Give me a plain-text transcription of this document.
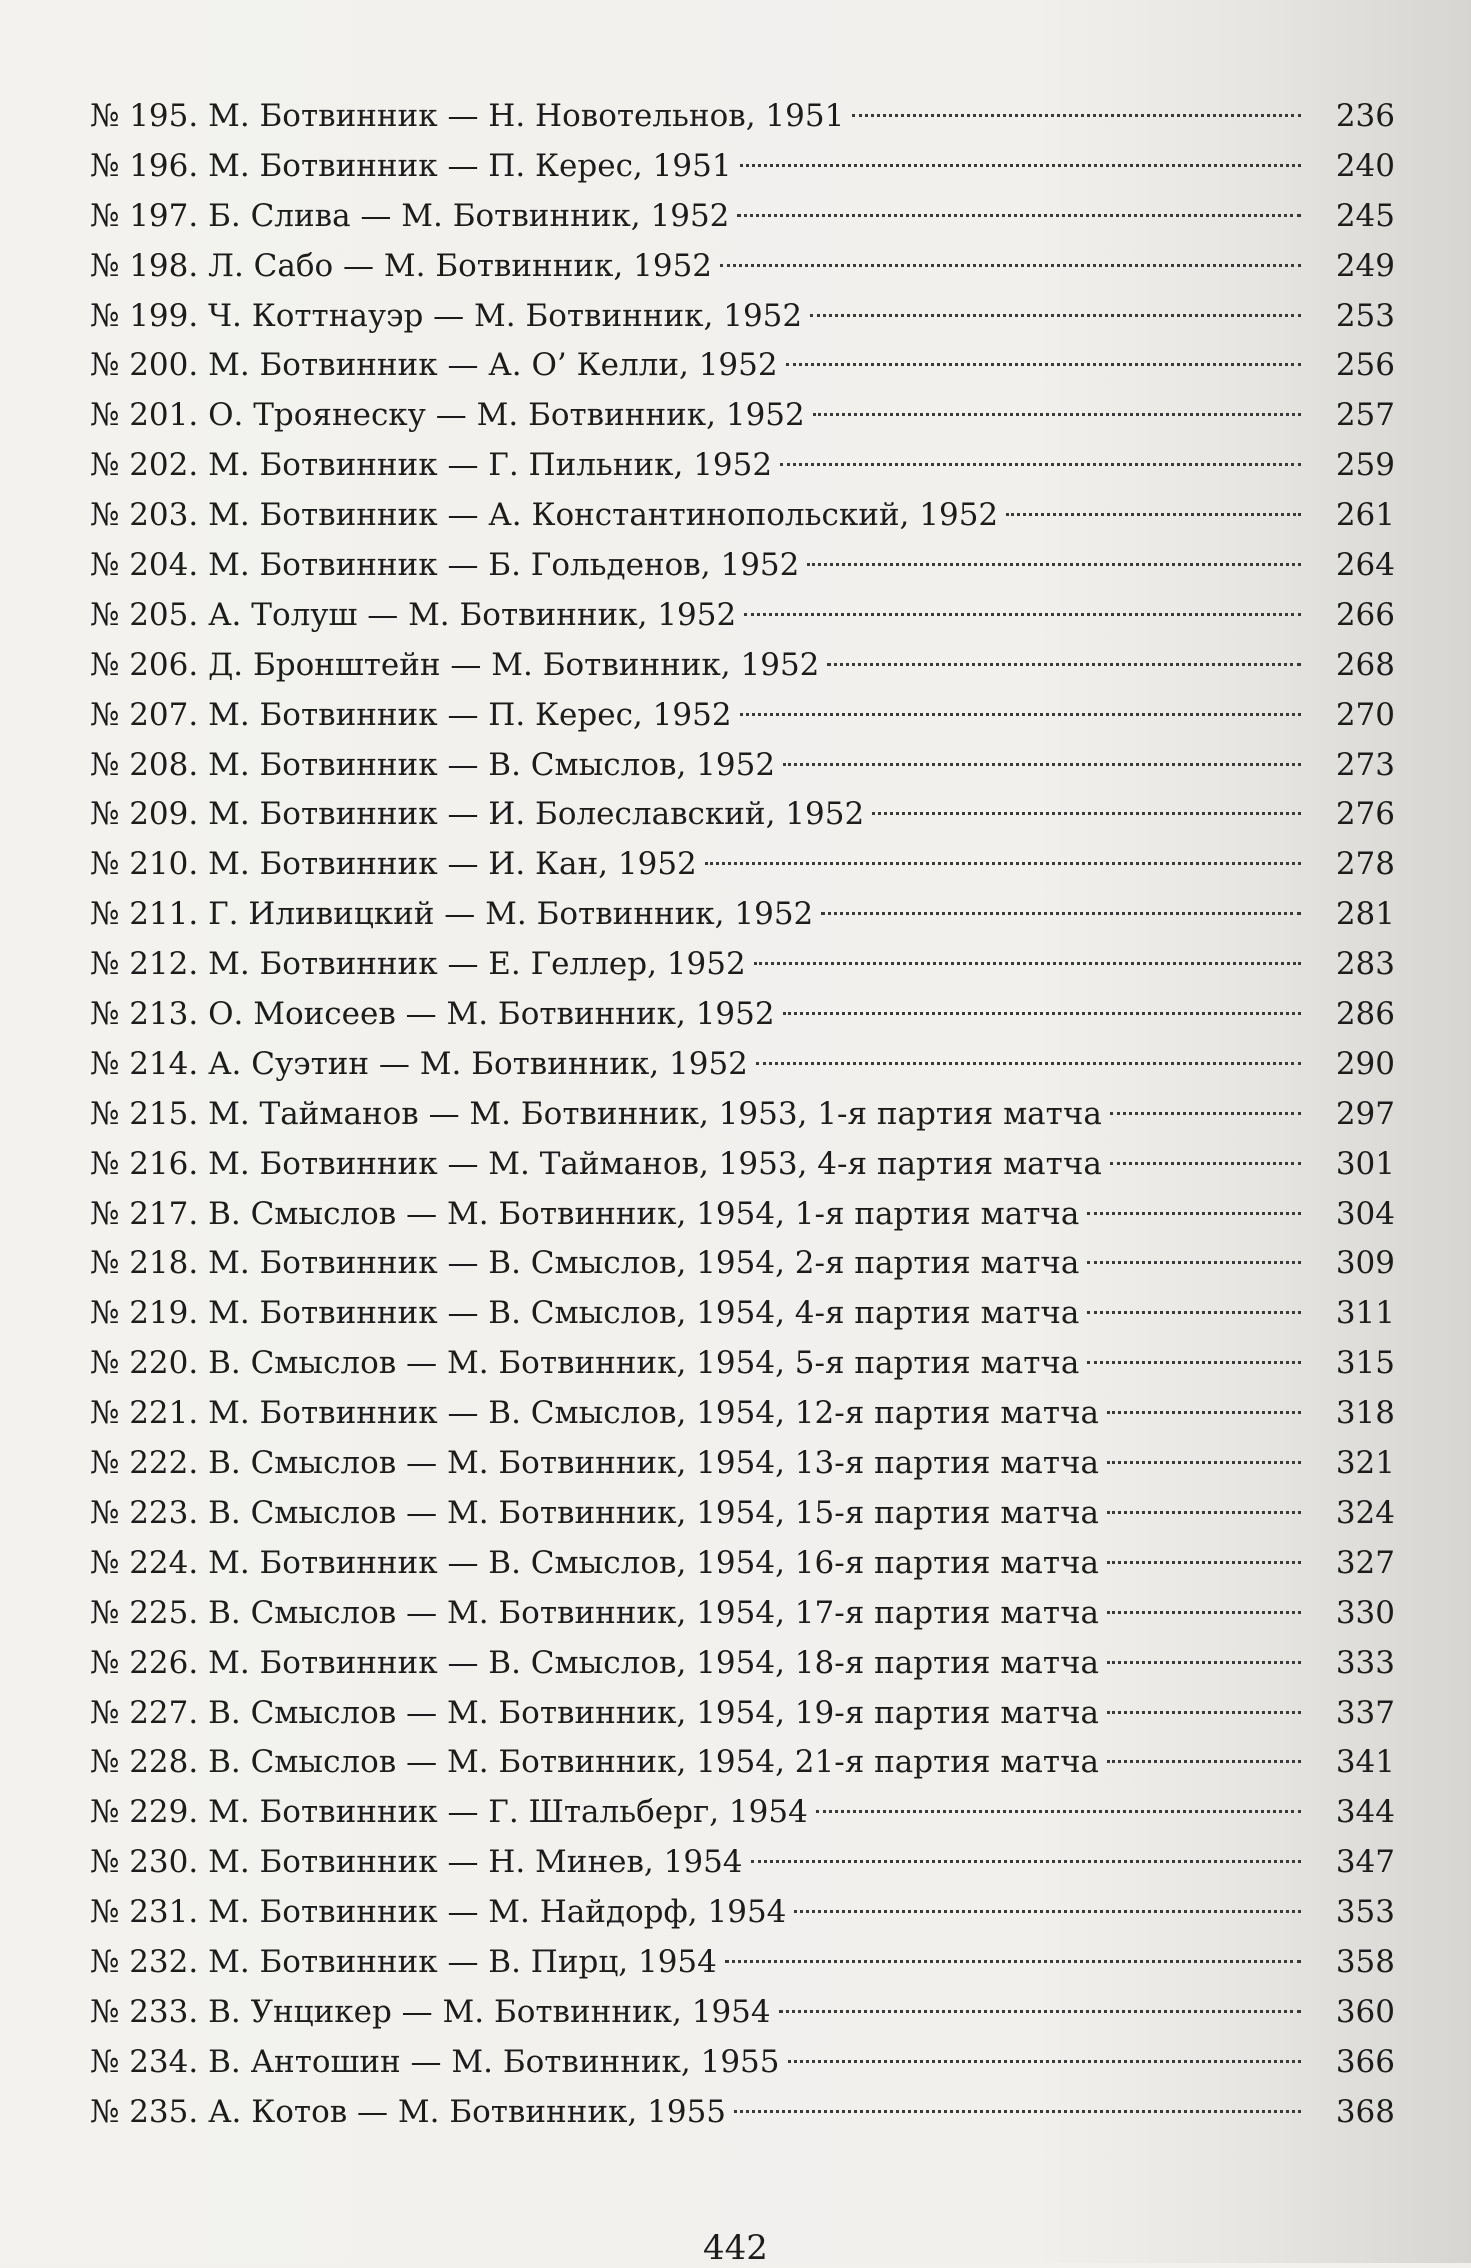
№ 195 . М. Ботвинник — Н. Новотельнов, 1951	236
№ 196 . М. Ботвинник — П. Керес, 1951	240
№ 197 . Б. Слива — М. Ботвинник, 1952	245
№ 198 . Л. Сабо — М. Ботвинник, 1952	249
№ 199 . Ч. Коттнауэр — М. Ботвинник, 1952	253
№ 200 . М. Ботвинник — А. О’ Келли, 1952	256
№ 201 . О. Троянеску — М. Ботвинник, 1952	257
№ 202 . М. Ботвинник — Г. Пильник, 1952	259
№ 203 . М. Ботвинник — А. Константинопольский, 1952	261
№ 204 . М. Ботвинник — Б. Гольденов, 1952	264
№ 205 . А. Толуш — М. Ботвинник, 1952	266
№ 206 . Д. Бронштейн — М. Ботвинник, 1952	268
№ 207 . М. Ботвинник — П. Керес, 1952	270
№ 208 . М. Ботвинник — В. Смыслов, 1952	273
№ 209 . М. Ботвинник — И. Болеславский, 1952	276
№ 210 . М. Ботвинник — И. Кан, 1952	278
№ 211 . Г. Иливицкий — М. Ботвинник, 1952	281
№ 212 . М. Ботвинник — Е. Геллер, 1952	283
№ 213 . О. Моисеев — М. Ботвинник, 1952	286
№ 214 . А. Суэтин — М. Ботвинник, 1952	290
№ 215 . М. Тайманов — М. Ботвинник, 1953, 1-я партия матча	297
№ 216 . М. Ботвинник — М. Тайманов, 1953, 4-я партия матча	301
№ 217 . В. Смыслов — М. Ботвинник, 1954, 1-я партия матча	304
№ 218 . М. Ботвинник — В. Смыслов, 1954, 2-я партия матча	309
№ 219 . М. Ботвинник — В. Смыслов, 1954, 4-я партия матча	311
№ 220 . В. Смыслов — М. Ботвинник, 1954, 5-я партия матча	315
№ 221 . М. Ботвинник — В. Смыслов, 1954, 12-я партия матча	318
№ 222 . В. Смыслов — М. Ботвинник, 1954, 13-я партия матча	321
№ 223 . В. Смыслов — М. Ботвинник, 1954, 15-я партия матча	324
№ 224 . М. Ботвинник — В. Смыслов, 1954, 16-я партия матча	327
№ 225 . В. Смыслов — М. Ботвинник, 1954, 17-я партия матча	330
№ 226 . М. Ботвинник — В. Смыслов, 1954, 18-я партия матча	333
№ 227 . В. Смыслов — М. Ботвинник, 1954, 19-я партия матча	337
№ 228 . В. Смыслов — М. Ботвинник, 1954, 21-я партия матча	341
№ 229 . М. Ботвинник — Г. Штальберг, 1954	344
№ 230 . М. Ботвинник — Н. Минев, 1954	347
№ 231 . М. Ботвинник — М. Найдорф, 1954	353
№ 232 . М. Ботвинник — В. Пирц, 1954	358
№ 233 . В. Унцикер — М. Ботвинник, 1954	360
№ 234 . В. Антошин — М. Ботвинник, 1955	366
№ 235 . А. Котов — М. Ботвинник, 1955	368
442
